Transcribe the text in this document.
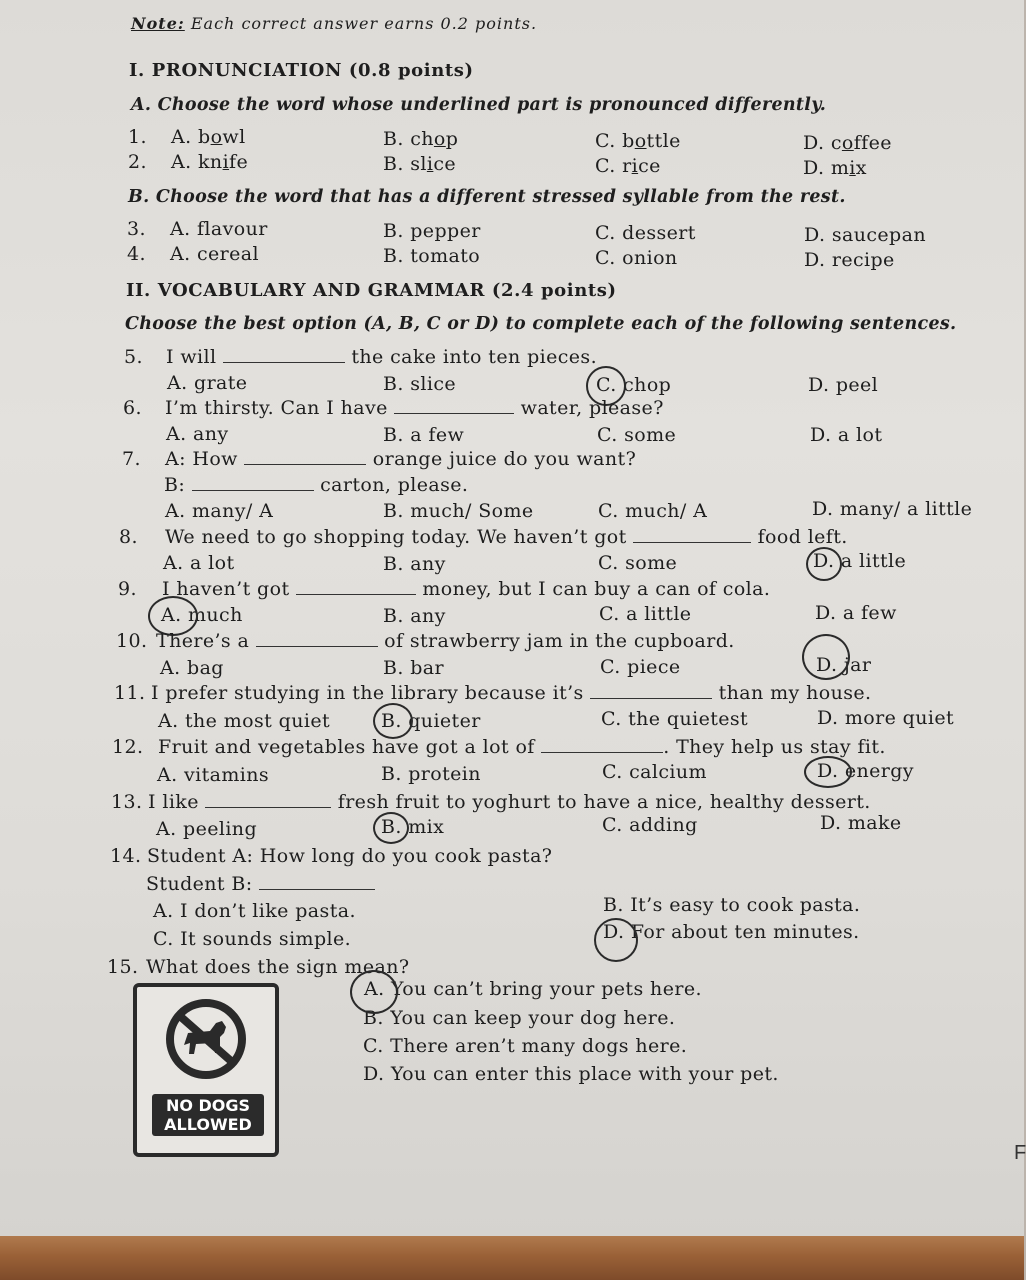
F
Note: Each correct answer earns 0.2 points.
I. PRONUNCIATION (0.8 points)
A. Choose the word whose underlined part is pronounced differently.
1. A. bowl	B. chop	C. bottle	D. coffee
2. A. knife	B. slice	C. rice	D. mix
B. Choose the word that has a different stressed syllable from the rest.
3. A. flavour	B. pepper	C. dessert	D. saucepan
4. A. cereal	B. tomato	C. onion	D. recipe
II. VOCABULARY AND GRAMMAR (2.4 points)
Choose the best option (A, B, C or D) to complete each of the following sentences.
5. I will	the cake into ten pieces.
A. grate	B. slice	C. chop	D. peel
6. I’m thirsty. Can I have	water, please?
A. any	B. a few	C. some	D. a lot
7. A: How	orange juice do you want?
B:	carton, please.
A. many/ A	B. much/ Some	C. much/ A	D. many/ a little
8. We need to go shopping today. We haven’t got	food left.
A. a lot	B. any	C. some	D. a little
9. I haven’t got	money, but I can buy a can of cola.
A. much	B. any	C. a little	D. a few
10. There’s a	of strawberry jam in the cupboard.
A. bag	B. bar	C. piece	D. jar
11. I prefer studying in the library because it’s	than my house.
A. the most quiet	B. quieter	C. the quietest	D. more quiet
12. Fruit and vegetables have got a lot of	. They help us stay fit.
A. vitamins	B. protein	C. calcium	D. energy
13. I like	fresh fruit to yoghurt to have a nice, healthy dessert.
A. peeling	B. mix	C. adding	D. make
14. Student A: How long do you cook pasta?
Student B:
A. I don’t like pasta.	B. It’s easy to cook pasta.
C. It sounds simple.	D. For about ten minutes.
15. What does the sign mean?
A. You can’t bring your pets here.
B. You can keep your dog here.
C. There aren’t many dogs here.
D. You can enter this place with your pet.
NO DOGS
ALLOWED
